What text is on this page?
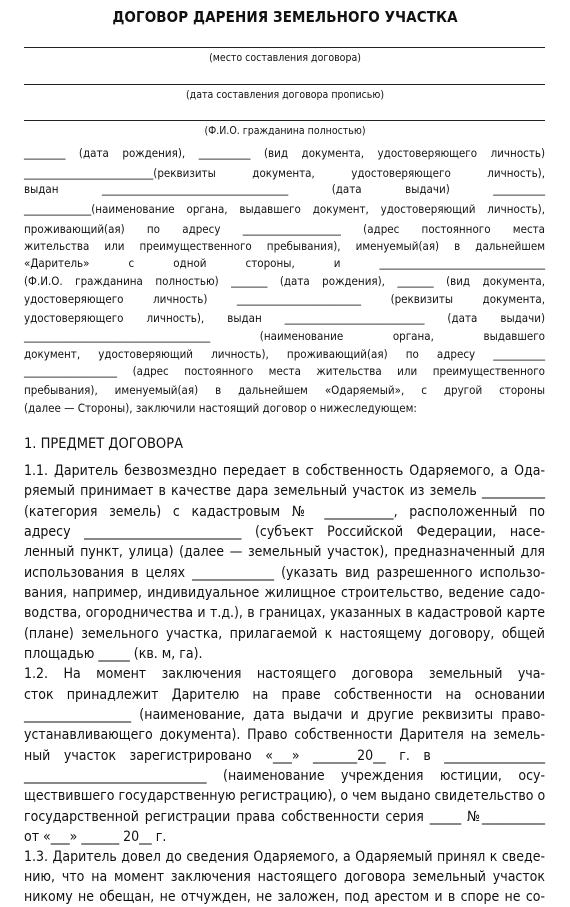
ДОГОВОР ДАРЕНИЯ ЗЕМЕЛЬНОГО УЧАСТКА
(место составления договора)
(дата составления договора прописью)
(Ф.И.О. гражданина полностью)
________ (дата рождения), __________ (вид документа, удостоверяющего личность)
_________________________(реквизиты документа, удостоверяющего личность),
выдан ____________________________________ (дата выдачи) __________
_____________(наименование органа, выдавшего документ, удостоверяющий личность),
проживающий(ая) по адресу ___________________ (адрес постоянного места
жительства или преимущественного пребывания), именуемый(ая) в дальнейшем
«Даритель» с одной стороны, и ________________________________
(Ф.И.О. гражданина полностью) _______ (дата рождения), _______ (вид документа,
удостоверяющего личность) ________________________ (реквизиты документа,
удостоверяющего личность), выдан ___________________________ (дата выдачи)
____________________________________ (наименование органа, выдавшего
документ, удостоверяющий личность), проживающий(ая) по адресу __________
__________________ (адрес постоянного места жительства или преимущественного
пребывания), именуемый(ая) в дальнейшем «Одаряемый», с другой стороны
(далее — Стороны), заключили настоящий договор о нижеследующем:
1. ПРЕДМЕТ ДОГОВОРА
1.1. Даритель безвозмездно передает в собственность Одаряемого, а Ода-
ряемый принимает в качестве дара земельный участок из земель __________
(категория земель) с кадастровым № ___________, расположенный по
адресу _________________________ (субъект Российской Федерации, насе-
ленный пункт, улица) (далее — земельный участок), предназначенный для
использования в целях _____________ (указать вид разрешенного использо-
вания, например, индивидуальное жилищное строительство, ведение садо-
водства, огородничества и т.д.), в границах, указанных в кадастровой карте
(плане) земельного участка, прилагаемой к настоящему договору, общей
площадью _____ (кв. м, га).
1.2. На момент заключения настоящего договора земельный уча-
сток принадлежит Дарителю на праве собственности на основании
_________________ (наименование, дата выдачи и другие реквизиты право-
устанавливающего документа). Право собственности Дарителя на земель-
ный участок зарегистрировано «___» _______20__ г. в ________________
_____________________________ (наименование учреждения юстиции, осу-
ществившего государственную регистрацию), о чем выдано свидетельство о
государственной регистрации права собственности серия _____ №__________
от «___» ______ 20__ г.
1.3. Даритель довел до сведения Одаряемого, а Одаряемый принял к сведе-
нию, что на момент заключения настоящего договора земельный участок
никому не обещан, не отчужден, не заложен, под арестом и в споре не со-
